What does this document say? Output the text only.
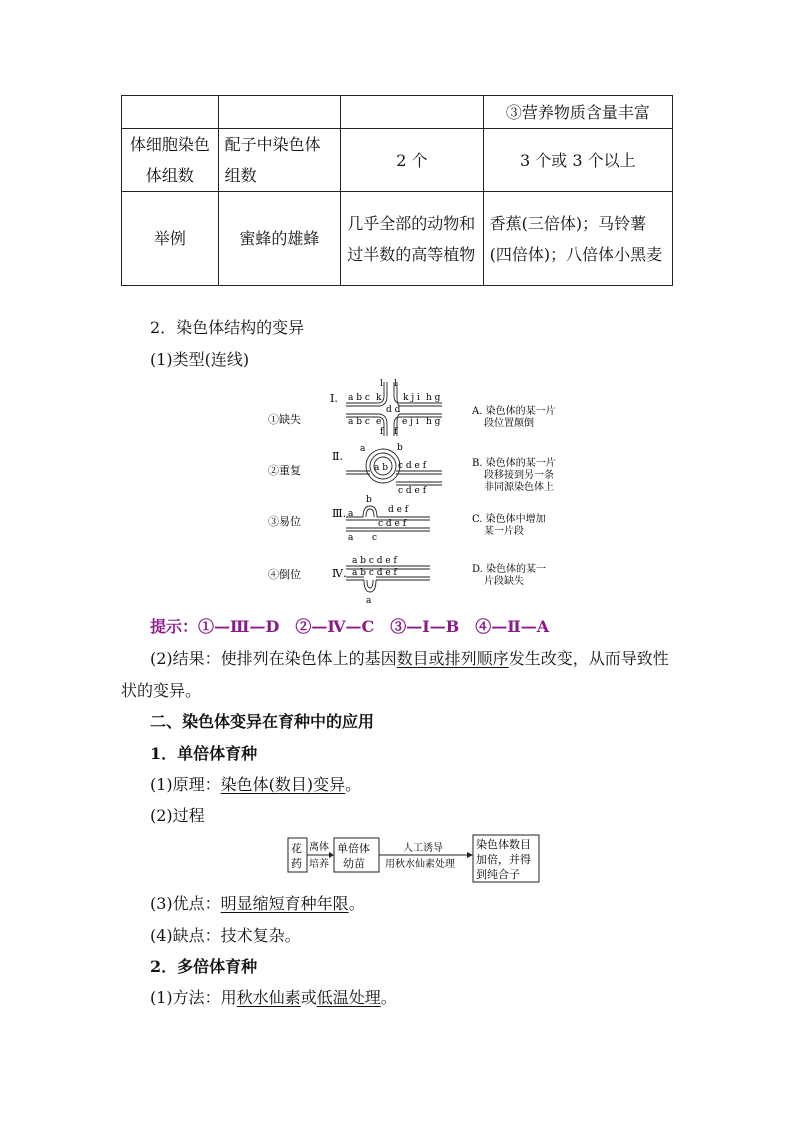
			③营养物质含量丰富
体细胞染色体组数	配子中染色体组数	2 个	3 个或 3 个以上
举例	蜜蜂的雄蜂	几乎全部的动物和过半数的高等植物	香蕉(三倍体)；马铃薯(四倍体)；八倍体小黑麦
2．染色体结构的变异
(1)类型(连线)
①缺失
②重复
③易位
④倒位
Ⅰ.
Ⅱ.
Ⅲ.
Ⅳ.
a b c
l l
k k j i h g
d d
a b c e e j i h g
f f
a	b
a b c d e f
c d e f
b
d e f
a
c d e f
a c
a b c d e f
a b c d e f
a
A. 染色体的某一片
段位置颠倒
B. 染色体的某一片
段移接到另一条
非同源染色体上
C. 染色体中增加
某一片段
D. 染色体的某一
片段缺失
提示：①—Ⅲ—D　②—Ⅳ—C　③—Ⅰ—B　④—Ⅱ—A
(2)结果：使排列在染色体上的基因数目或排列顺序发生改变，从而导致性
状的变异。
二、染色体变异在育种中的应用
1．单倍体育种
(1)原理：染色体(数目)变异。
(2)过程
花
药
离体
培养
单倍体
幼苗
人工诱导
用秋水仙素处理
染色体数目
加倍，并得
到纯合子
(3)优点：明显缩短育种年限。
(4)缺点：技术复杂。
2．多倍体育种
(1)方法：用秋水仙素或低温处理。
